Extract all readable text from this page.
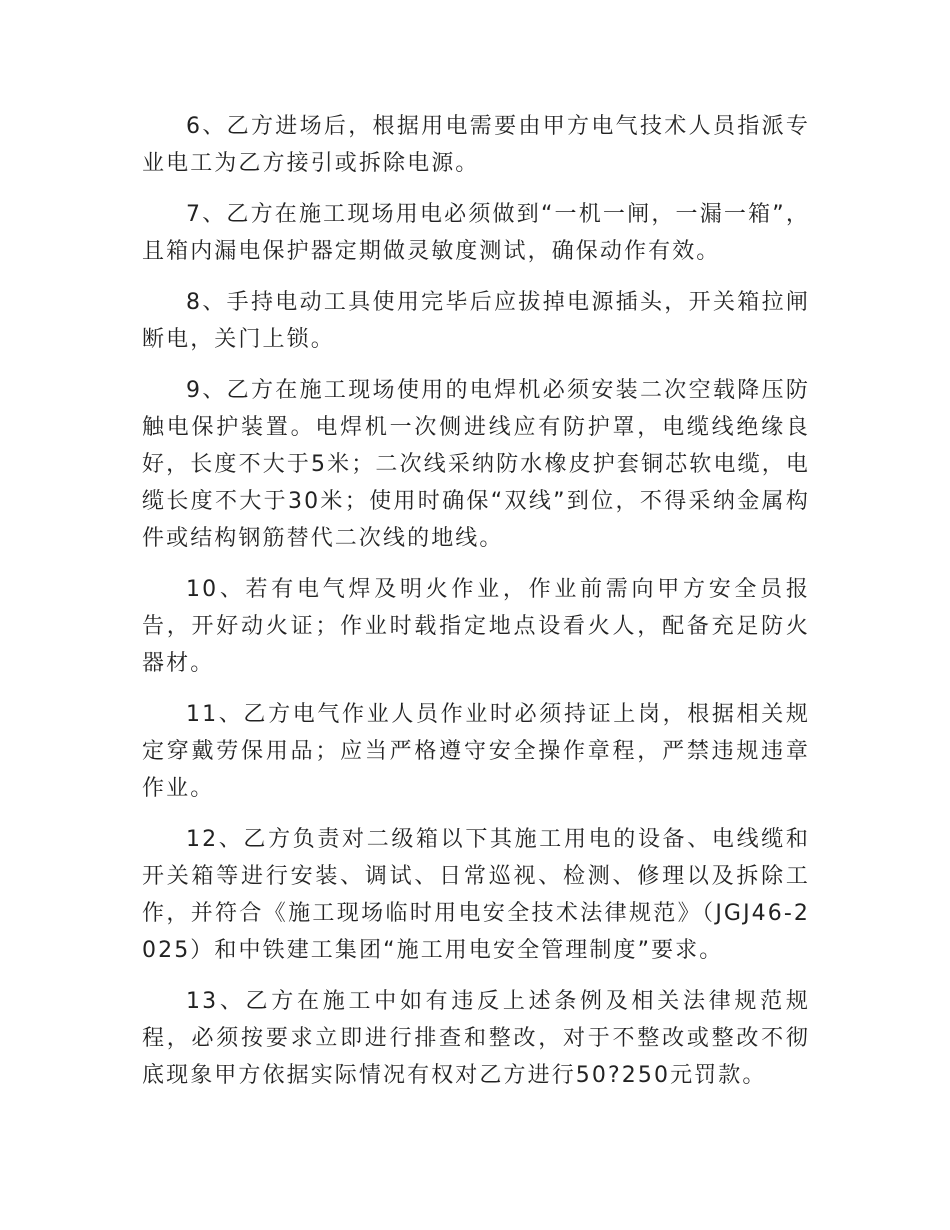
6、乙方进场后，根据用电需要由甲方电气技术人员指派专业电工为乙方接引或拆除电源。

7、乙方在施工现场用电必须做到“一机一闸，一漏一箱”，且箱内漏电保护器定期做灵敏度测试，确保动作有效。

8、手持电动工具使用完毕后应拔掉电源插头，开关箱拉闸断电，关门上锁。

9、乙方在施工现场使用的电焊机必须安装二次空载降压防触电保护装置。电焊机一次侧进线应有防护罩，电缆线绝缘良好，长度不大于5米；二次线采纳防水橡皮护套铜芯软电缆，电缆长度不大于30米；使用时确保“双线”到位，不得采纳金属构件或结构钢筋替代二次线的地线。

10、若有电气焊及明火作业，作业前需向甲方安全员报告，开好动火证；作业时载指定地点设看火人，配备充足防火器材。

11、乙方电气作业人员作业时必须持证上岗，根据相关规定穿戴劳保用品；应当严格遵守安全操作章程，严禁违规违章作业。

12、乙方负责对二级箱以下其施工用电的设备、电线缆和开关箱等进行安装、调试、日常巡视、检测、修理以及拆除工作，并符合《施工现场临时用电安全技术法律规范》（JGJ46-2025）和中铁建工集团“施工用电安全管理制度”要求。

13、乙方在施工中如有违反上述条例及相关法律规范规程，必须按要求立即进行排查和整改，对于不整改或整改不彻底现象甲方依据实际情况有权对乙方进行50?250元罚款。
